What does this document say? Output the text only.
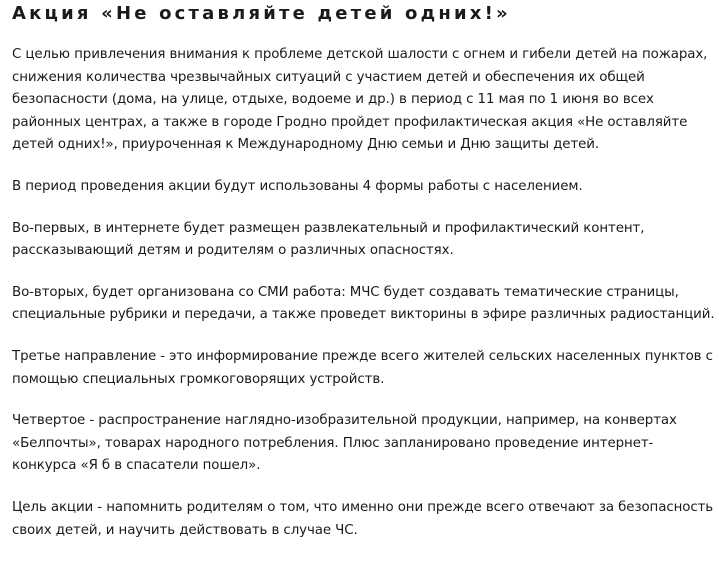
Акция «Не оставляйте детей одних!»

С целью привлечения внимания к проблеме детской шалости с огнем и гибели детей на пожарах, снижения количества чрезвычайных ситуаций с участием детей и обеспечения их общей безопасности (дома, на улице, отдыхе, водоеме и др.) в период с 11 мая по 1 июня во всех районных центрах, а также в городе Гродно пройдет профилактическая акция «Не оставляйте детей одних!», приуроченная к Международному Дню семьи и Дню защиты детей.

В период проведения акции будут использованы 4 формы работы с населением.

Во-первых, в интернете будет размещен развлекательный и профилактический контент, рассказывающий детям и родителям о различных опасностях.

Во-вторых, будет организована со СМИ работа: МЧС будет создавать тематические страницы, специальные рубрики и передачи, а также проведет викторины в эфире различных радиостанций.

Третье направление - это информирование прежде всего жителей сельских населенных пунктов с помощью специальных громкоговорящих устройств.

Четвертое - распространение наглядно-изобразительной продукции, например, на конвертах «Белпочты», товарах народного потребления. Плюс запланировано проведение интернет-конкурса «Я б в спасатели пошел».

Цель акции - напомнить родителям о том, что именно они прежде всего отвечают за безопасность своих детей, и научить действовать в случае ЧС.
